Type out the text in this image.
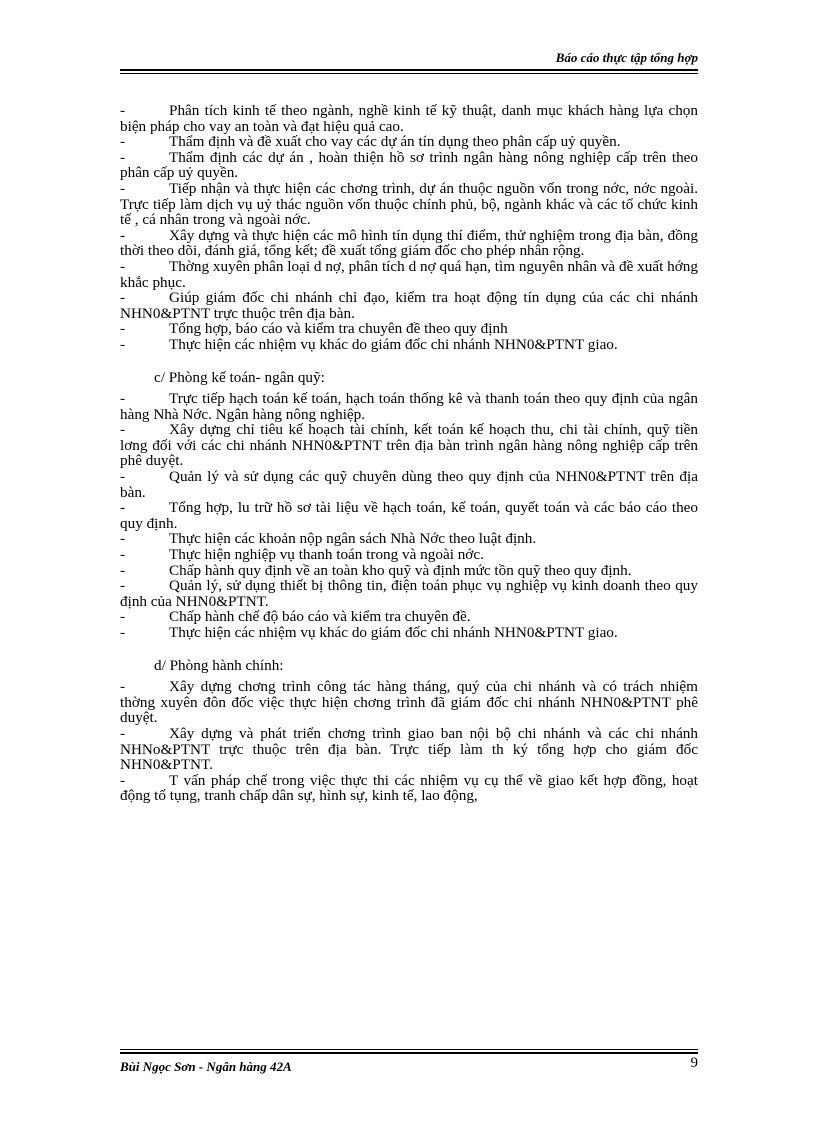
Báo cáo thực tập tổng hợp

-	Phân tích kinh tế theo ngành, nghề kinh tế kỹ thuật, danh mục khách hàng lựa chọn biện pháp cho vay an toàn và đạt hiệu quả cao.

-	Thẩm định và đề xuất cho vay các dự án tín dụng theo phân cấp uỷ quyền.

-	Thẩm định các dự án , hoàn thiện hồ sơ trình ngân hàng nông nghiệp cấp trên theo phân cấp uỷ quyền.

-	Tiếp nhận và thực hiện các chơng trình, dự án thuộc nguồn vốn trong nớc, nớc ngoài. Trực tiếp làm dịch vụ uỷ thác nguồn vốn thuộc chính phủ, bộ, ngành khác và các tổ chức kinh tế , cá nhân trong và ngoài nớc.

-	Xây dựng và thực hiện các mô hình tín dụng thí điểm, thử nghiệm trong địa bàn, đồng thời theo dõi, đánh giá, tổng kết; đề xuất tổng giám đốc cho phép nhân rộng.

-	Thờng xuyên phân loại d nợ, phân tích d nợ quá hạn, tìm nguyên nhân và đề xuất hớng khắc phục.

-	Giúp giám đốc chi nhánh chỉ đạo, kiểm tra hoạt động tín dụng của các chi nhánh NHN0&PTNT trực thuộc trên địa bàn.

-	Tổng hợp, báo cáo và kiểm tra chuyên đề theo quy định

-	Thực hiện các nhiệm vụ khác do giám đốc chi nhánh NHN0&PTNT giao.

c/ Phòng kế toán- ngân quỹ:

-	Trực tiếp hạch toán kế toán, hạch toán thống kê và thanh toán theo quy định của ngân hàng Nhà Nớc. Ngân hàng nông nghiệp.

-	Xây dựng chỉ tiêu kế hoạch tài chính, kết toán kế hoạch thu, chi tài chính, quỹ tiền lơng đối với các chi nhánh NHN0&PTNT trên địa bàn trình ngân hàng nông nghiệp cấp trên phê duyệt.

-	Quản lý và sử dụng các quỹ chuyên dùng theo quy định của NHN0&PTNT trên địa bàn.

-	Tổng hợp, lu trữ hồ sơ tài liệu về hạch toán, kế toán, quyết toán và các báo cáo theo quy định.

-	Thực hiện các khoản nộp ngân sách Nhà Nớc theo luật định.

-	Thực hiện nghiệp vụ thanh toán trong và ngoài nớc.

-	Chấp hành quy định về an toàn kho quỹ và định mức tồn quỹ theo quy định.

-	Quản lý, sử dụng thiết bị thông tin, điện toán phục vụ nghiệp vụ kinh doanh theo quy định của NHN0&PTNT.

-	Chấp hành chế độ báo cáo và kiểm tra chuyên đề.

-	Thực hiện các nhiệm vụ khác do giám đốc chi nhánh NHN0&PTNT giao.

d/ Phòng hành chính:

-	Xây dựng chơng trình công tác hàng tháng, quý của chi nhánh và có trách nhiệm thờng xuyên đôn đốc việc thực hiện chơng trình đã giám đốc chi nhánh NHN0&PTNT phê duyệt.

-	Xây dựng và phát triển chơng trình giao ban nội bộ chi nhánh và các chi nhánh NHNo&PTNT trực thuộc trên địa bàn. Trực tiếp làm th ký tổng hợp cho giám đốc NHN0&PTNT.

-	T vấn pháp chế trong việc thực thi các nhiệm vụ cụ thể về giao kết hợp đồng, hoạt động tố tụng, tranh chấp dân sự, hình sự, kinh tế, lao động,

Bùi Ngọc Sơn - Ngân hàng 42A	9
